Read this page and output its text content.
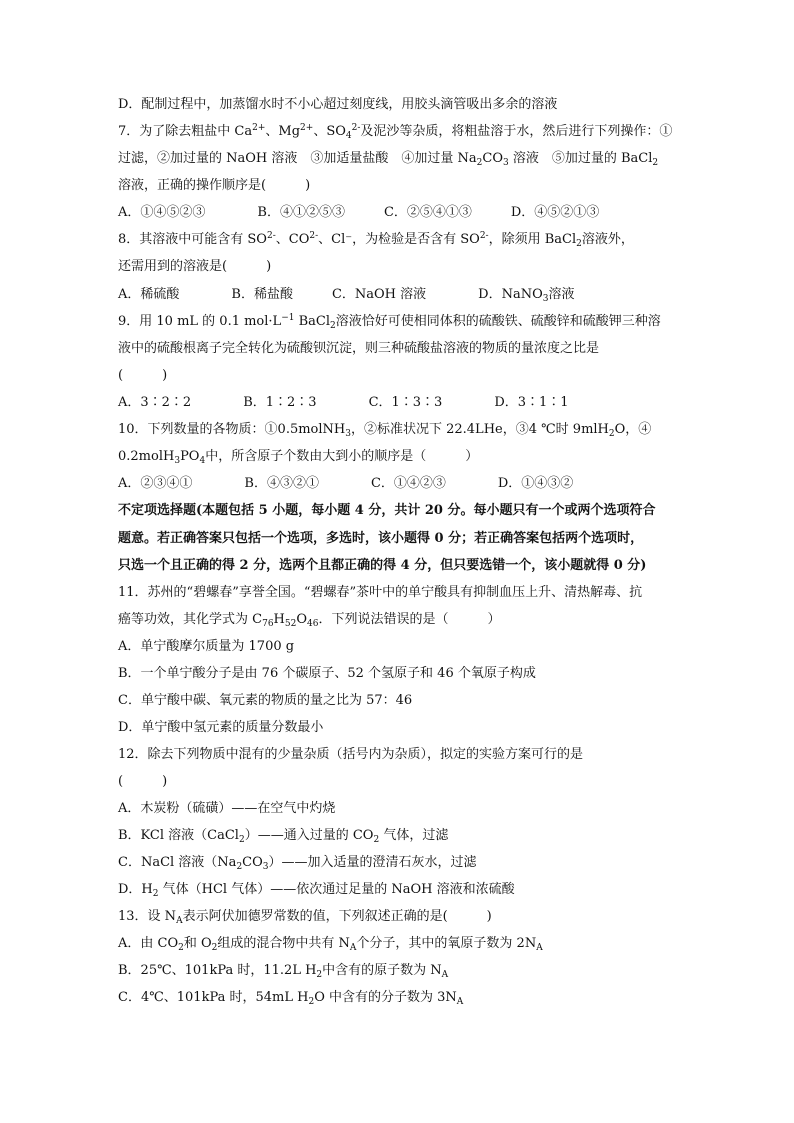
D．配制过程中，加蒸馏水时不小心超过刻度线，用胶头滴管吸出多余的溶液
7．为了除去粗盐中 $Ca^{2+}$、$Mg^{2+}$、$SO_4^{2-}$及泥沙等杂质，将粗盐溶于水，然后进行下列操作：①
过滤，②加过量的 NaOH 溶液　③加适量盐酸　④加过量 $Na_2CO_3$ 溶液　⑤加过量的 BaCl$_2$
溶液，正确的操作顺序是(　　　)
A．①④⑤②③　　　　B．④①②⑤③　　　C．②⑤④①③　　　D．④⑤②①③
8．其溶液中可能含有 $SO^{2-}$、$CO^{2-}$、Cl⁻，为检验是否含有 $SO^{2-}$，除须用 BaCl$_2$溶液外，
还需用到的溶液是(　　　)
A．稀硫酸　　　　B．稀盐酸　　　C．NaOH 溶液　　　　D．NaNO$_3$溶液
9．用 10 mL 的 0.1 $mol\cdot L^{-1}$ BaCl$_2$溶液恰好可使相同体积的硫酸铁、硫酸锌和硫酸钾三种溶
液中的硫酸根离子完全转化为硫酸钡沉淀，则三种硫酸盐溶液的物质的量浓度之比是
(　　　)
A．3∶2∶2　　　　B．1∶2∶3　　　　C．1∶3∶3　　　　D．3∶1∶1
10．下列数量的各物质：①0.5molNH$_3$，②标准状况下 22.4LHe，③4 ℃时 9mlH$_2$O，④
$0.2molH_3PO_4$中，所含原子个数由大到小的顺序是（　　　）
A．②③④①　　　　B．④③②①　　　　C．①④②③　　　　D．①④③②
不定项选择题(本题包括 5 小题，每小题 4 分，共计 20 分。每小题只有一个或两个选项符合
题意。若正确答案只包括一个选项，多选时，该小题得 0 分；若正确答案包括两个选项时，
只选一个且正确的得 2 分，选两个且都正确的得 4 分，但只要选错一个，该小题就得 0 分)
11．苏州的“碧螺春”享誉全国。“碧螺春”茶叶中的单宁酸具有抑制血压上升、清热解毒、抗
癌等功效，其化学式为 $C_{76}H_{52}O_{46}$．下列说法错误的是（　　　）
A．单宁酸摩尔质量为 1700 g
B．一个单宁酸分子是由 76 个碳原子、52 个氢原子和 46 个氧原子构成
C．单宁酸中碳、氧元素的物质的量之比为 57：46
D．单宁酸中氢元素的质量分数最小
12．除去下列物质中混有的少量杂质（括号内为杂质），拟定的实验方案可行的是
(　　　)
A．木炭粉（硫磺）——在空气中灼烧
B．KCl 溶液（CaCl$_2$）——通入过量的 $CO_2$ 气体，过滤
C．NaCl 溶液$(Na_2CO_3)——$加入适量的澄清石灰水，过滤
D．$H_2$ 气体（HCl 气体）——依次通过足量的 NaOH 溶液和浓硫酸
13．设 $N_A$表示阿伏加德罗常数的值，下列叙述正确的是(　　　)
A．由 $CO_2$和 $O_2$组成的混合物中共有 $N_A$个分子，其中的氧原子数为 $2N_A$
B．25℃、101kPa 时，11.2L $H_2$中含有的原子数为 $N_A$
C．4℃、101kPa 时，54mL $H_2O$ 中含有的分子数为 $3N_A$
